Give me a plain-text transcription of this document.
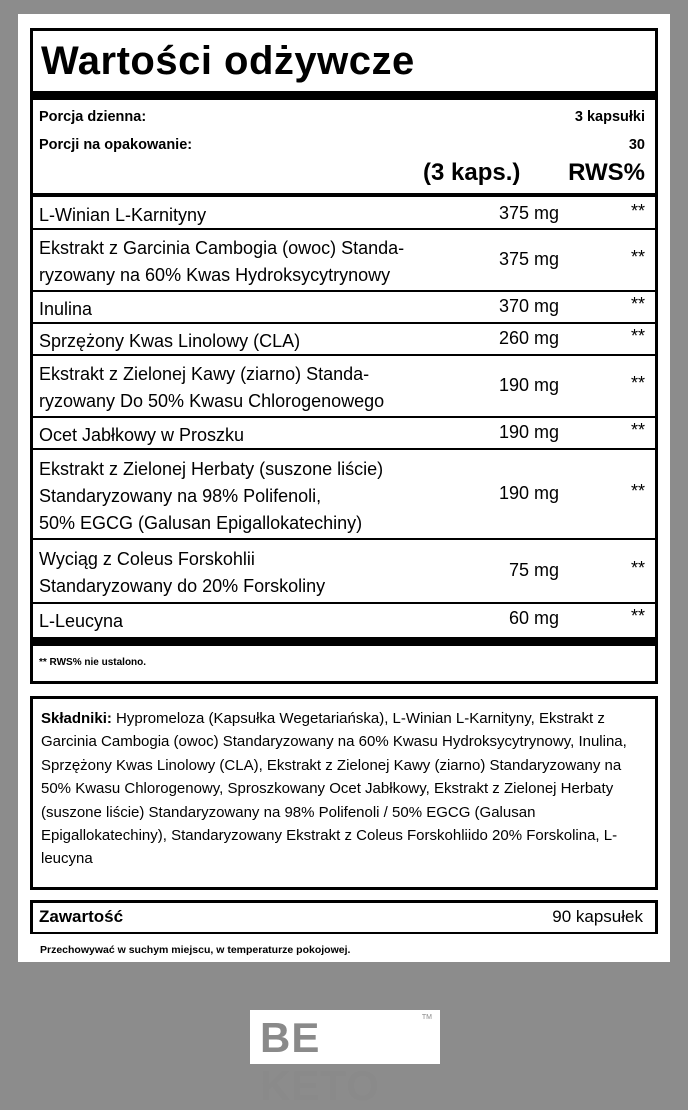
Wartości odżywcze
Porcja dzienna:	3 kapsułki
Porcji na opakowanie:	30
(3 kaps.) RWS%
L-Winian L-Karnityny	375 mg	**
Ekstrakt z Garcinia Cambogia (owoc) Standa-
ryzowany na 60% Kwas Hydroksycytrynowy
375 mg	**
Inulina	370 mg	**
Sprzężony Kwas Linolowy (CLA)	260 mg	**
Ekstrakt z Zielonej Kawy (ziarno) Standa-
ryzowany Do 50% Kwasu Chlorogenowego
190 mg	**
Ocet Jabłkowy w Proszku	190 mg	**
Ekstrakt z Zielonej Herbaty (suszone liście)
Standaryzowany na 98% Polifenoli,
50% EGCG (Galusan Epigallokatechiny)
190 mg	**
Wyciąg z Coleus Forskohlii
Standaryzowany do 20% Forskoliny
75 mg	**
L-Leucyna	60 mg	**
** RWS% nie ustalono.
Składniki: Hypromeloza (Kapsułka Wegetariańska), L-Winian L-Karnityny, Ekstrakt z Garcinia Cambogia (owoc) Standaryzowany na 60% Kwasu Hydroksycytrynowy, Inulina, Sprzężony Kwas Linolowy (CLA), Ekstrakt z Zielonej Kawy (ziarno) Standaryzowany na 50% Kwasu Chlorogenowy, Sproszkowany Ocet Jabłkowy, Ekstrakt z Zielonej Herbaty (suszone liście) Standaryzowany na 98% Polifenoli / 50% EGCG (Galusan Epigallokatechiny), Standaryzowany Ekstrakt z Coleus Forskohliido 20% Forskolina, L-leucyna
Zawartość	90 kapsułek
Przechowywać w suchym miejscu, w temperaturze pokojowej.
BE KETO
TM
